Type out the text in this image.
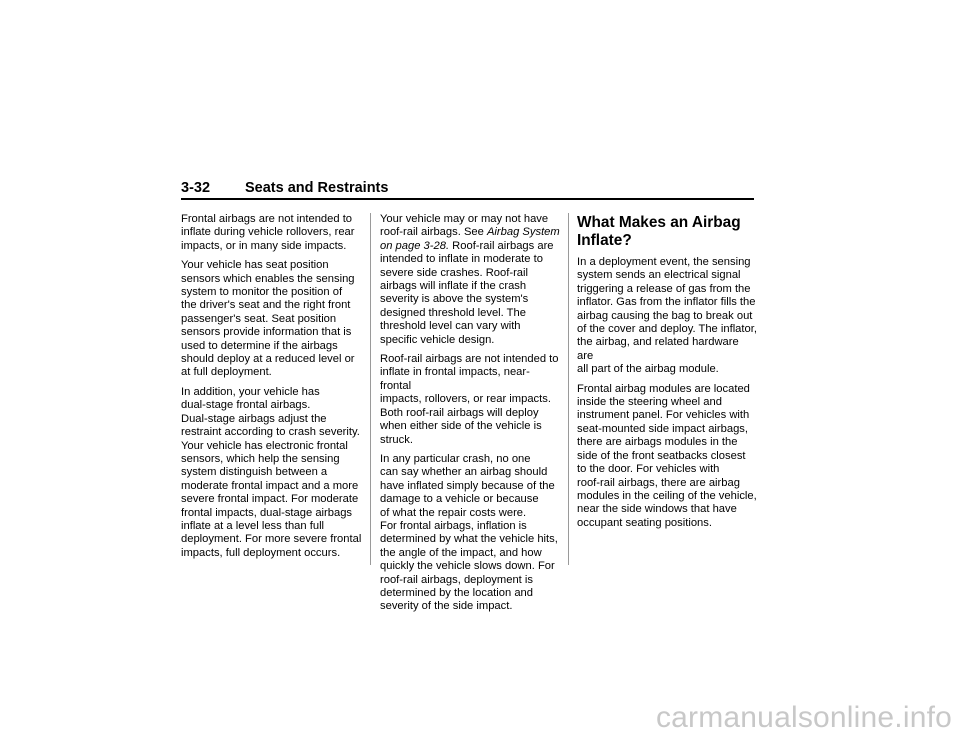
3-32 Seats and Restraints

Frontal airbags are not intended to
inflate during vehicle rollovers, rear
impacts, or in many side impacts.

Your vehicle has seat position
sensors which enables the sensing
system to monitor the position of
the driver's seat and the right front
passenger's seat. Seat position
sensors provide information that is
used to determine if the airbags
should deploy at a reduced level or
at full deployment.

In addition, your vehicle has
dual-stage frontal airbags.
Dual-stage airbags adjust the
restraint according to crash severity.
Your vehicle has electronic frontal
sensors, which help the sensing
system distinguish between a
moderate frontal impact and a more
severe frontal impact. For moderate
frontal impacts, dual-stage airbags
inflate at a level less than full
deployment. For more severe frontal
impacts, full deployment occurs.

Your vehicle may or may not have
roof-rail airbags. See Airbag System
on page 3-28. Roof-rail airbags are
intended to inflate in moderate to
severe side crashes. Roof-rail
airbags will inflate if the crash
severity is above the system's
designed threshold level. The
threshold level can vary with
specific vehicle design.

Roof-rail airbags are not intended to
inflate in frontal impacts, near-frontal
impacts, rollovers, or rear impacts.
Both roof-rail airbags will deploy
when either side of the vehicle is
struck.

In any particular crash, no one
can say whether an airbag should
have inflated simply because of the
damage to a vehicle or because
of what the repair costs were.

For frontal airbags, inflation is
determined by what the vehicle hits,
the angle of the impact, and how
quickly the vehicle slows down. For
roof-rail airbags, deployment is
determined by the location and
severity of the side impact.

What Makes an Airbag
Inflate?

In a deployment event, the sensing
system sends an electrical signal
triggering a release of gas from the
inflator. Gas from the inflator fills the
airbag causing the bag to break out
of the cover and deploy. The inflator,
the airbag, and related hardware are
all part of the airbag module.

Frontal airbag modules are located
inside the steering wheel and
instrument panel. For vehicles with
seat-mounted side impact airbags,
there are airbags modules in the
side of the front seatbacks closest
to the door. For vehicles with
roof-rail airbags, there are airbag
modules in the ceiling of the vehicle,
near the side windows that have
occupant seating positions.

carmanualsonline.info
